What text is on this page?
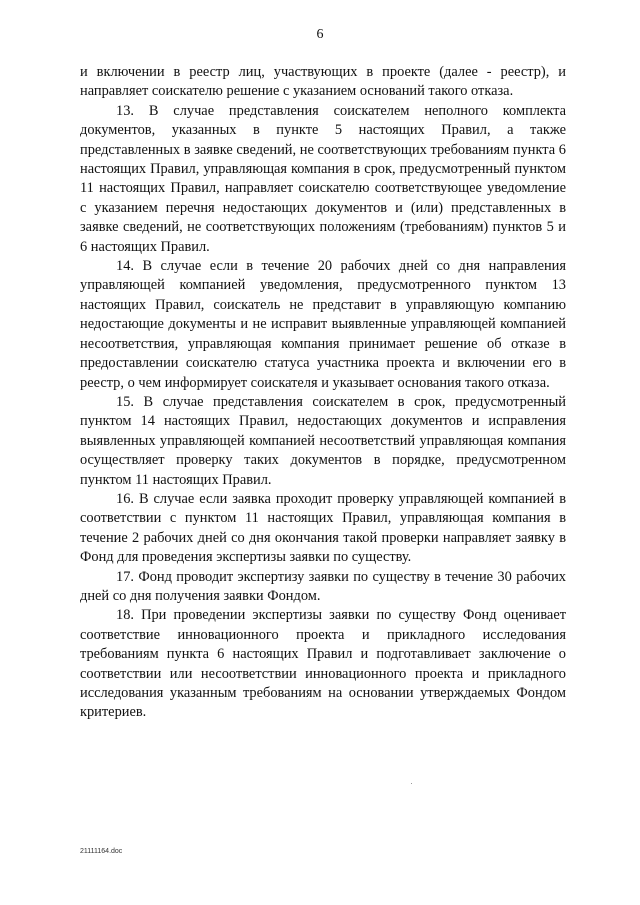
6

и включении в реестр лиц, участвующих в проекте (далее - реестр), и направляет соискателю решение с указанием оснований такого отказа.

13. В случае представления соискателем неполного комплекта документов, указанных в пункте 5 настоящих Правил, а также представленных в заявке сведений, не соответствующих требованиям пункта 6 настоящих Правил, управляющая компания в срок, предусмотренный пунктом 11 настоящих Правил, направляет соискателю соответствующее уведомление с указанием перечня недостающих документов и (или) представленных в заявке сведений, не соответствующих положениям (требованиям) пунктов 5 и 6 настоящих Правил.

14. В случае если в течение 20 рабочих дней со дня направления управляющей компанией уведомления, предусмотренного пунктом 13 настоящих Правил, соискатель не представит в управляющую компанию недостающие документы и не исправит выявленные управляющей компанией несоответствия, управляющая компания принимает решение об отказе в предоставлении соискателю статуса участника проекта и включении его в реестр, о чем информирует соискателя и указывает основания такого отказа.

15. В случае представления соискателем в срок, предусмотренный пунктом 14 настоящих Правил, недостающих документов и исправления выявленных управляющей компанией несоответствий управляющая компания осуществляет проверку таких документов в порядке, предусмотренном пунктом 11 настоящих Правил.

16. В случае если заявка проходит проверку управляющей компанией в соответствии с пунктом 11 настоящих Правил, управляющая компания в течение 2 рабочих дней со дня окончания такой проверки направляет заявку в Фонд для проведения экспертизы заявки по существу.

17. Фонд проводит экспертизу заявки по существу в течение 30 рабочих дней со дня получения заявки Фондом.

18. При проведении экспертизы заявки по существу Фонд оценивает соответствие инновационного проекта и прикладного исследования требованиям пункта 6 настоящих Правил и подготавливает заключение о соответствии или несоответствии инновационного проекта и прикладного исследования указанным требованиям на основании утверждаемых Фондом критериев.

21111164.doc
